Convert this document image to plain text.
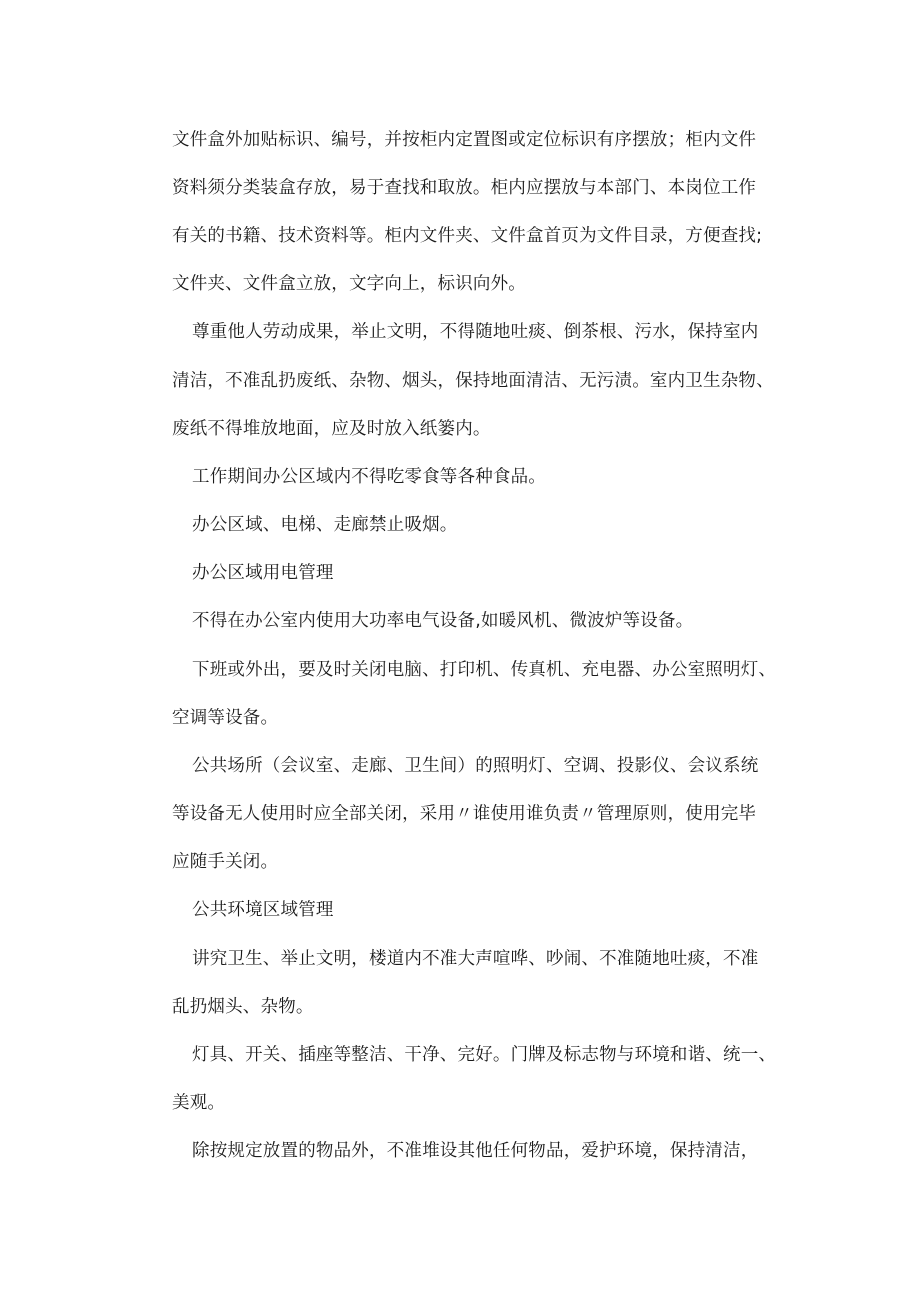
文件盒外加贴标识、编号，并按柜内定置图或定位标识有序摆放；柜内文件
资料须分类装盒存放，易于查找和取放。柜内应摆放与本部门、本岗位工作
有关的书籍、技术资料等。柜内文件夹、文件盒首页为文件目录，方便查找;
文件夹、文件盒立放，文字向上，标识向外。
尊重他人劳动成果，举止文明，不得随地吐痰、倒茶根、污水，保持室内
清洁，不准乱扔废纸、杂物、烟头，保持地面清洁、无污渍。室内卫生杂物、
废纸不得堆放地面，应及时放入纸篓内。
工作期间办公区域内不得吃零食等各种食品。
办公区域、电梯、走廊禁止吸烟。
办公区域用电管理
不得在办公室内使用大功率电气设备,如暖风机、微波炉等设备。
下班或外出，要及时关闭电脑、打印机、传真机、充电器、办公室照明灯、
空调等设备。
公共场所（会议室、走廊、卫生间）的照明灯、空调、投影仪、会议系统
等设备无人使用时应全部关闭，采用〃谁使用谁负责〃管理原则，使用完毕
应随手关闭。
公共环境区域管理
讲究卫生、举止文明，楼道内不准大声喧哗、吵闹、不准随地吐痰，不准
乱扔烟头、杂物。
灯具、开关、插座等整洁、干净、完好。门牌及标志物与环境和谐、统一、
美观。
除按规定放置的物品外，不准堆设其他任何物品，爱护环境，保持清洁，
